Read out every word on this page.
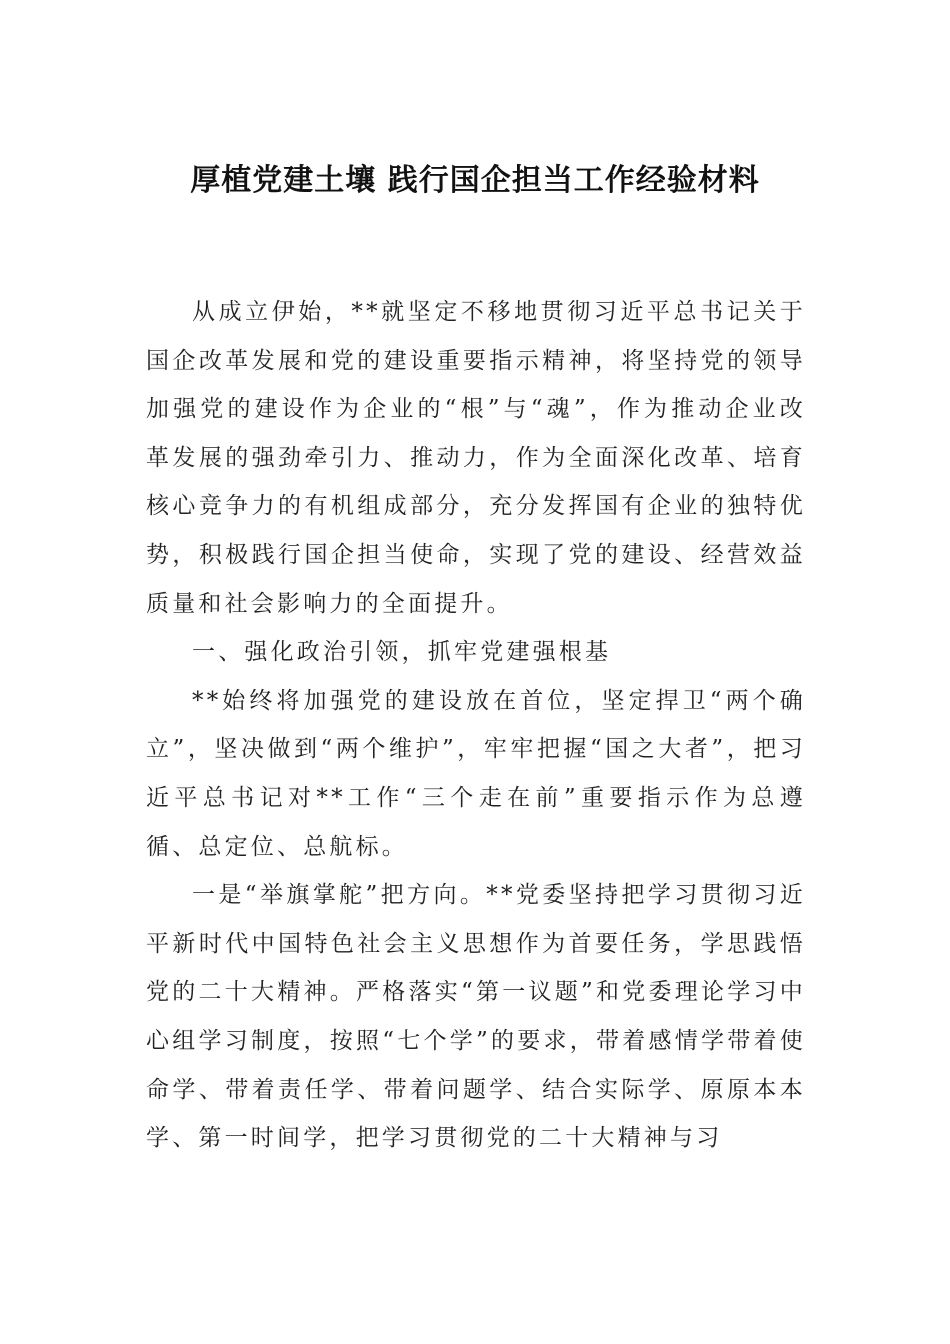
厚植党建土壤 践行国企担当工作经验材料

从成立伊始，**就坚定不移地贯彻习近平总书记关于国企改革发展和党的建设重要指示精神，将坚持党的领导加强党的建设作为企业的“根”与“魂”，作为推动企业改革发展的强劲牵引力、推动力，作为全面深化改革、培育核心竞争力的有机组成部分，充分发挥国有企业的独特优势，积极践行国企担当使命，实现了党的建设、经营效益质量和社会影响力的全面提升。

一、强化政治引领，抓牢党建强根基

**始终将加强党的建设放在首位，坚定捍卫“两个确立”，坚决做到“两个维护”，牢牢把握“国之大者”，把习近平总书记对**工作“三个走在前”重要指示作为总遵循、总定位、总航标。

一是“举旗掌舵”把方向。**党委坚持把学习贯彻习近平新时代中国特色社会主义思想作为首要任务，学思践悟党的二十大精神。严格落实“第一议题”和党委理论学习中心组学习制度，按照“七个学”的要求，带着感情学带着使命学、带着责任学、带着问题学、结合实际学、原原本本学、第一时间学，把学习贯彻党的二十大精神与习
